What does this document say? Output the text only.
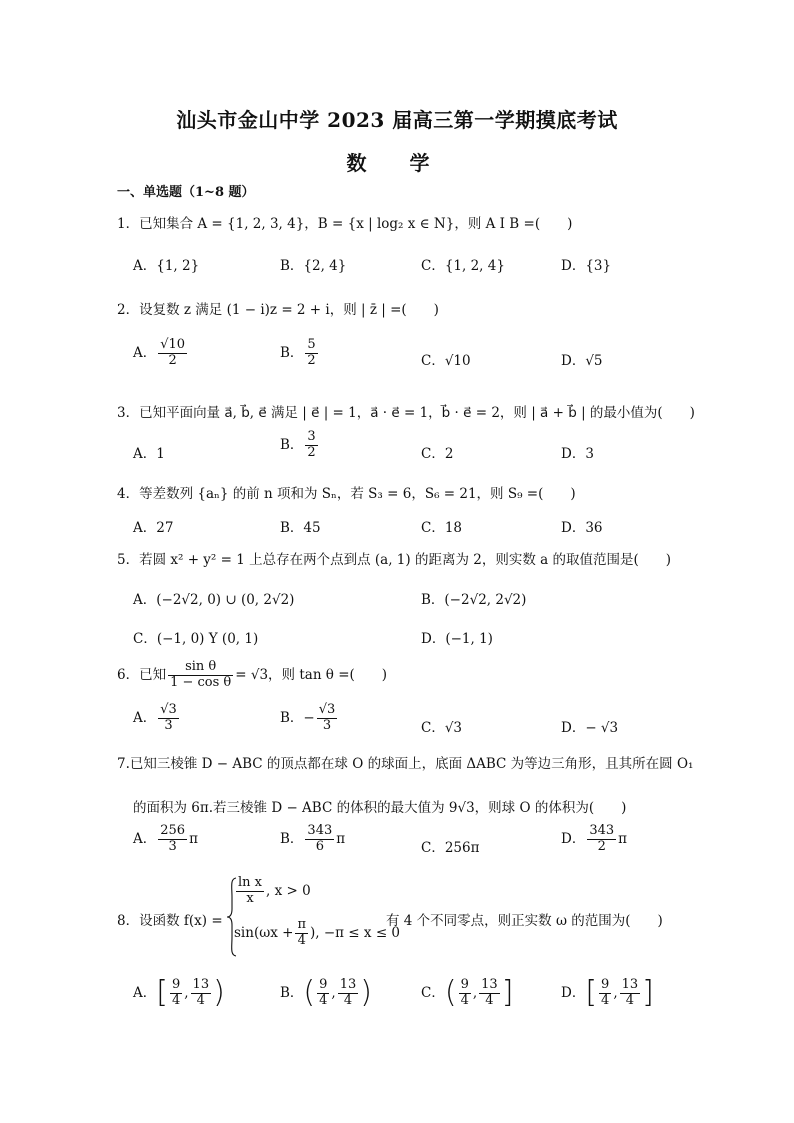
汕头市金山中学 2023 届高三第一学期摸底考试
数 学
一、单选题（1~8 题）
1．已知集合 A = {1, 2, 3, 4}，B = {x | log₂ x ∈ N}，则 A I B =(　　)
A．{1, 2}	B．{2, 4}	C．{1, 2, 4}	D．{3}
2．设复数 z 满足 (1 − i)z = 2 + i，则 | z̄ | =(　　)
A． $\frac{√10}{2}$	B． $\frac{5}{2}$	C．√10	D．√5
3．已知平面向量 a⃗, b⃗, e⃗ 满足 | e⃗ | = 1，a⃗ · e⃗ = 1，b⃗ · e⃗ = 2，则 | a⃗ + b⃗ | 的最小值为(　　)
A．1
B． $\frac{3}{2}$	C．2	D．3
4．等差数列 {aₙ} 的前 n 项和为 Sₙ，若 S₃ = 6，S₆ = 21，则 S₉ =(　　)
A．27	B．45	C．18	D．36
5．若圆 x² + y² = 1 上总存在两个点到点 (a, 1) 的距离为 2，则实数 a 的取值范围是(　　)
A．(−2√2, 0) ∪ (0, 2√2)	B．(−2√2, 2√2)
C．(−1, 0) Y (0, 1)	D．(−1, 1)
6．已知 $\frac{\text{sin θ}}{\text{1 − cos θ}} = √3$，则 tan θ =(　　)
A． $\frac{√3}{3}$	B．− $\frac{√3}{3}$	C．√3	D．− √3
7.已知三棱锥 D − ABC 的顶点都在球 O 的球面上，底面 ΔABC 为等边三角形，且其所在圆 O₁
的面积为 6π.若三棱锥 D − ABC 的体积的最大值为 9√3，则球 O 的体积为(　　)
A． $\frac{256}{3}$ π	B． $\frac{343}{6}$ π
C．256π
D． $\frac{343}{2}$ π
8．设函数 f(x) =
$\frac{\text{ln x}}{x}$ , x > 0
$\sin(\omega x + \frac{\pi}{4}$ ), −π ≤ x ≤ 0
有 4 个不同零点，则正实数 ω 的范围为(　　)
A．[ $\frac{9}{4}$ , $\frac{13}{4}$ )	B．( $\frac{9}{4}$ , $\frac{13}{4}$ )	C．( $\frac{9}{4}$ , $\frac{13}{4}$ ]	D．[ $\frac{9}{4}$ , $\frac{13}{4}$ ]
